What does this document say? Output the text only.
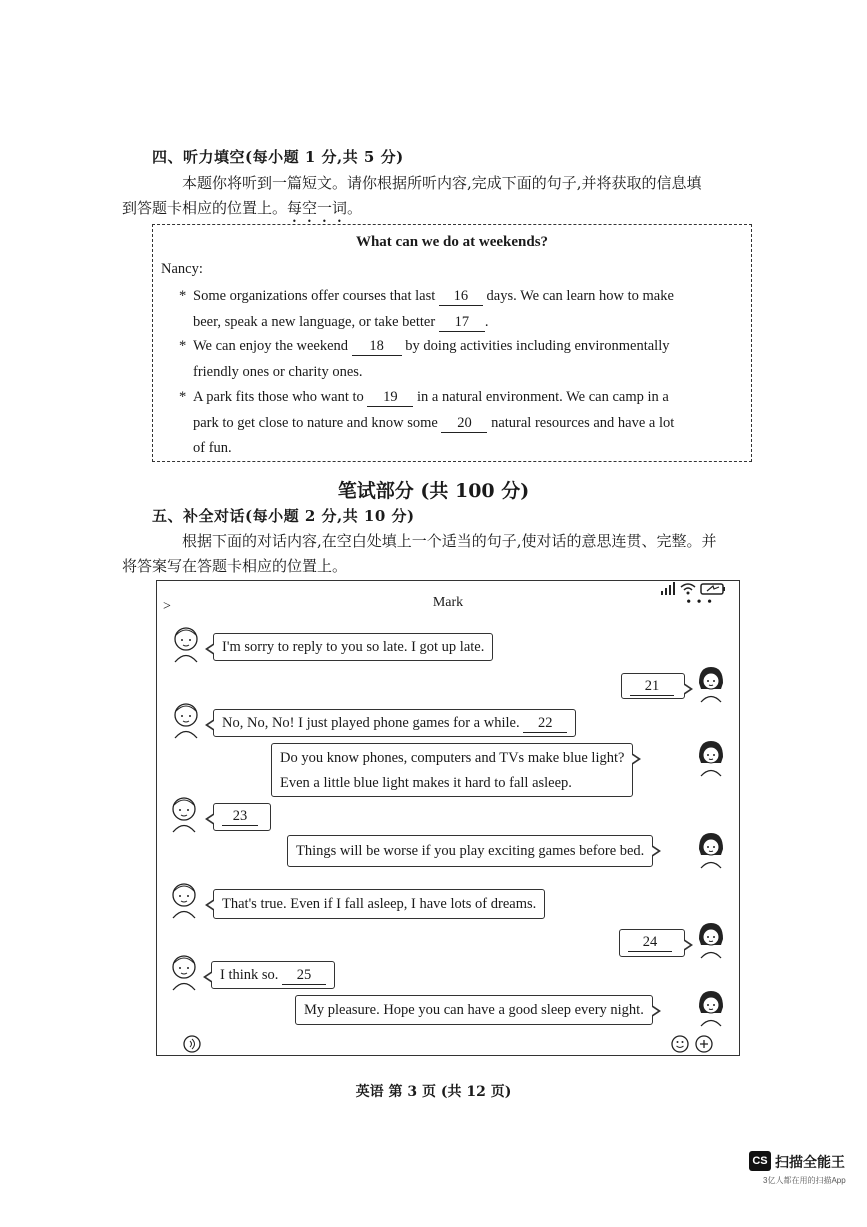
四、听力填空(每小题 1 分,共 5 分)
本题你将听到一篇短文。请你根据所听内容,完成下面的句子,并将获取的信息填
到答题卡相应的位置上。每空一词。
What can we do at weekends?
Nancy:
* Some organizations offer courses that last 16 days. We can learn how to make
beer, speak a new language, or take better 17 .
* We can enjoy the weekend 18 by doing activities including environmentally
friendly ones or charity ones.
* A park fits those who want to 19 in a natural environment. We can camp in a
park to get close to nature and know some 20 natural resources and have a lot
of fun.
笔试部分 (共 100 分)
五、补全对话(每小题 2 分,共 10 分)
根据下面的对话内容,在空白处填上一个适当的句子,使对话的意思连贯、完整。并
将答案写在答题卡相应的位置上。
>	Mark	• • •
I'm sorry to reply to you so late. I got up late.
21
No, No, No! I just played phone games for a while. 22
Do you know phones, computers and TVs make blue light?
Even a little blue light makes it hard to fall asleep.
23
Things will be worse if you play exciting games before bed.
That's true. Even if I fall asleep, I have lots of dreams.
24
I think so. 25
My pleasure. Hope you can have a good sleep every night.
英语 第 3 页 (共 12 页)
CS 扫描全能王
3亿人都在用的扫描App
